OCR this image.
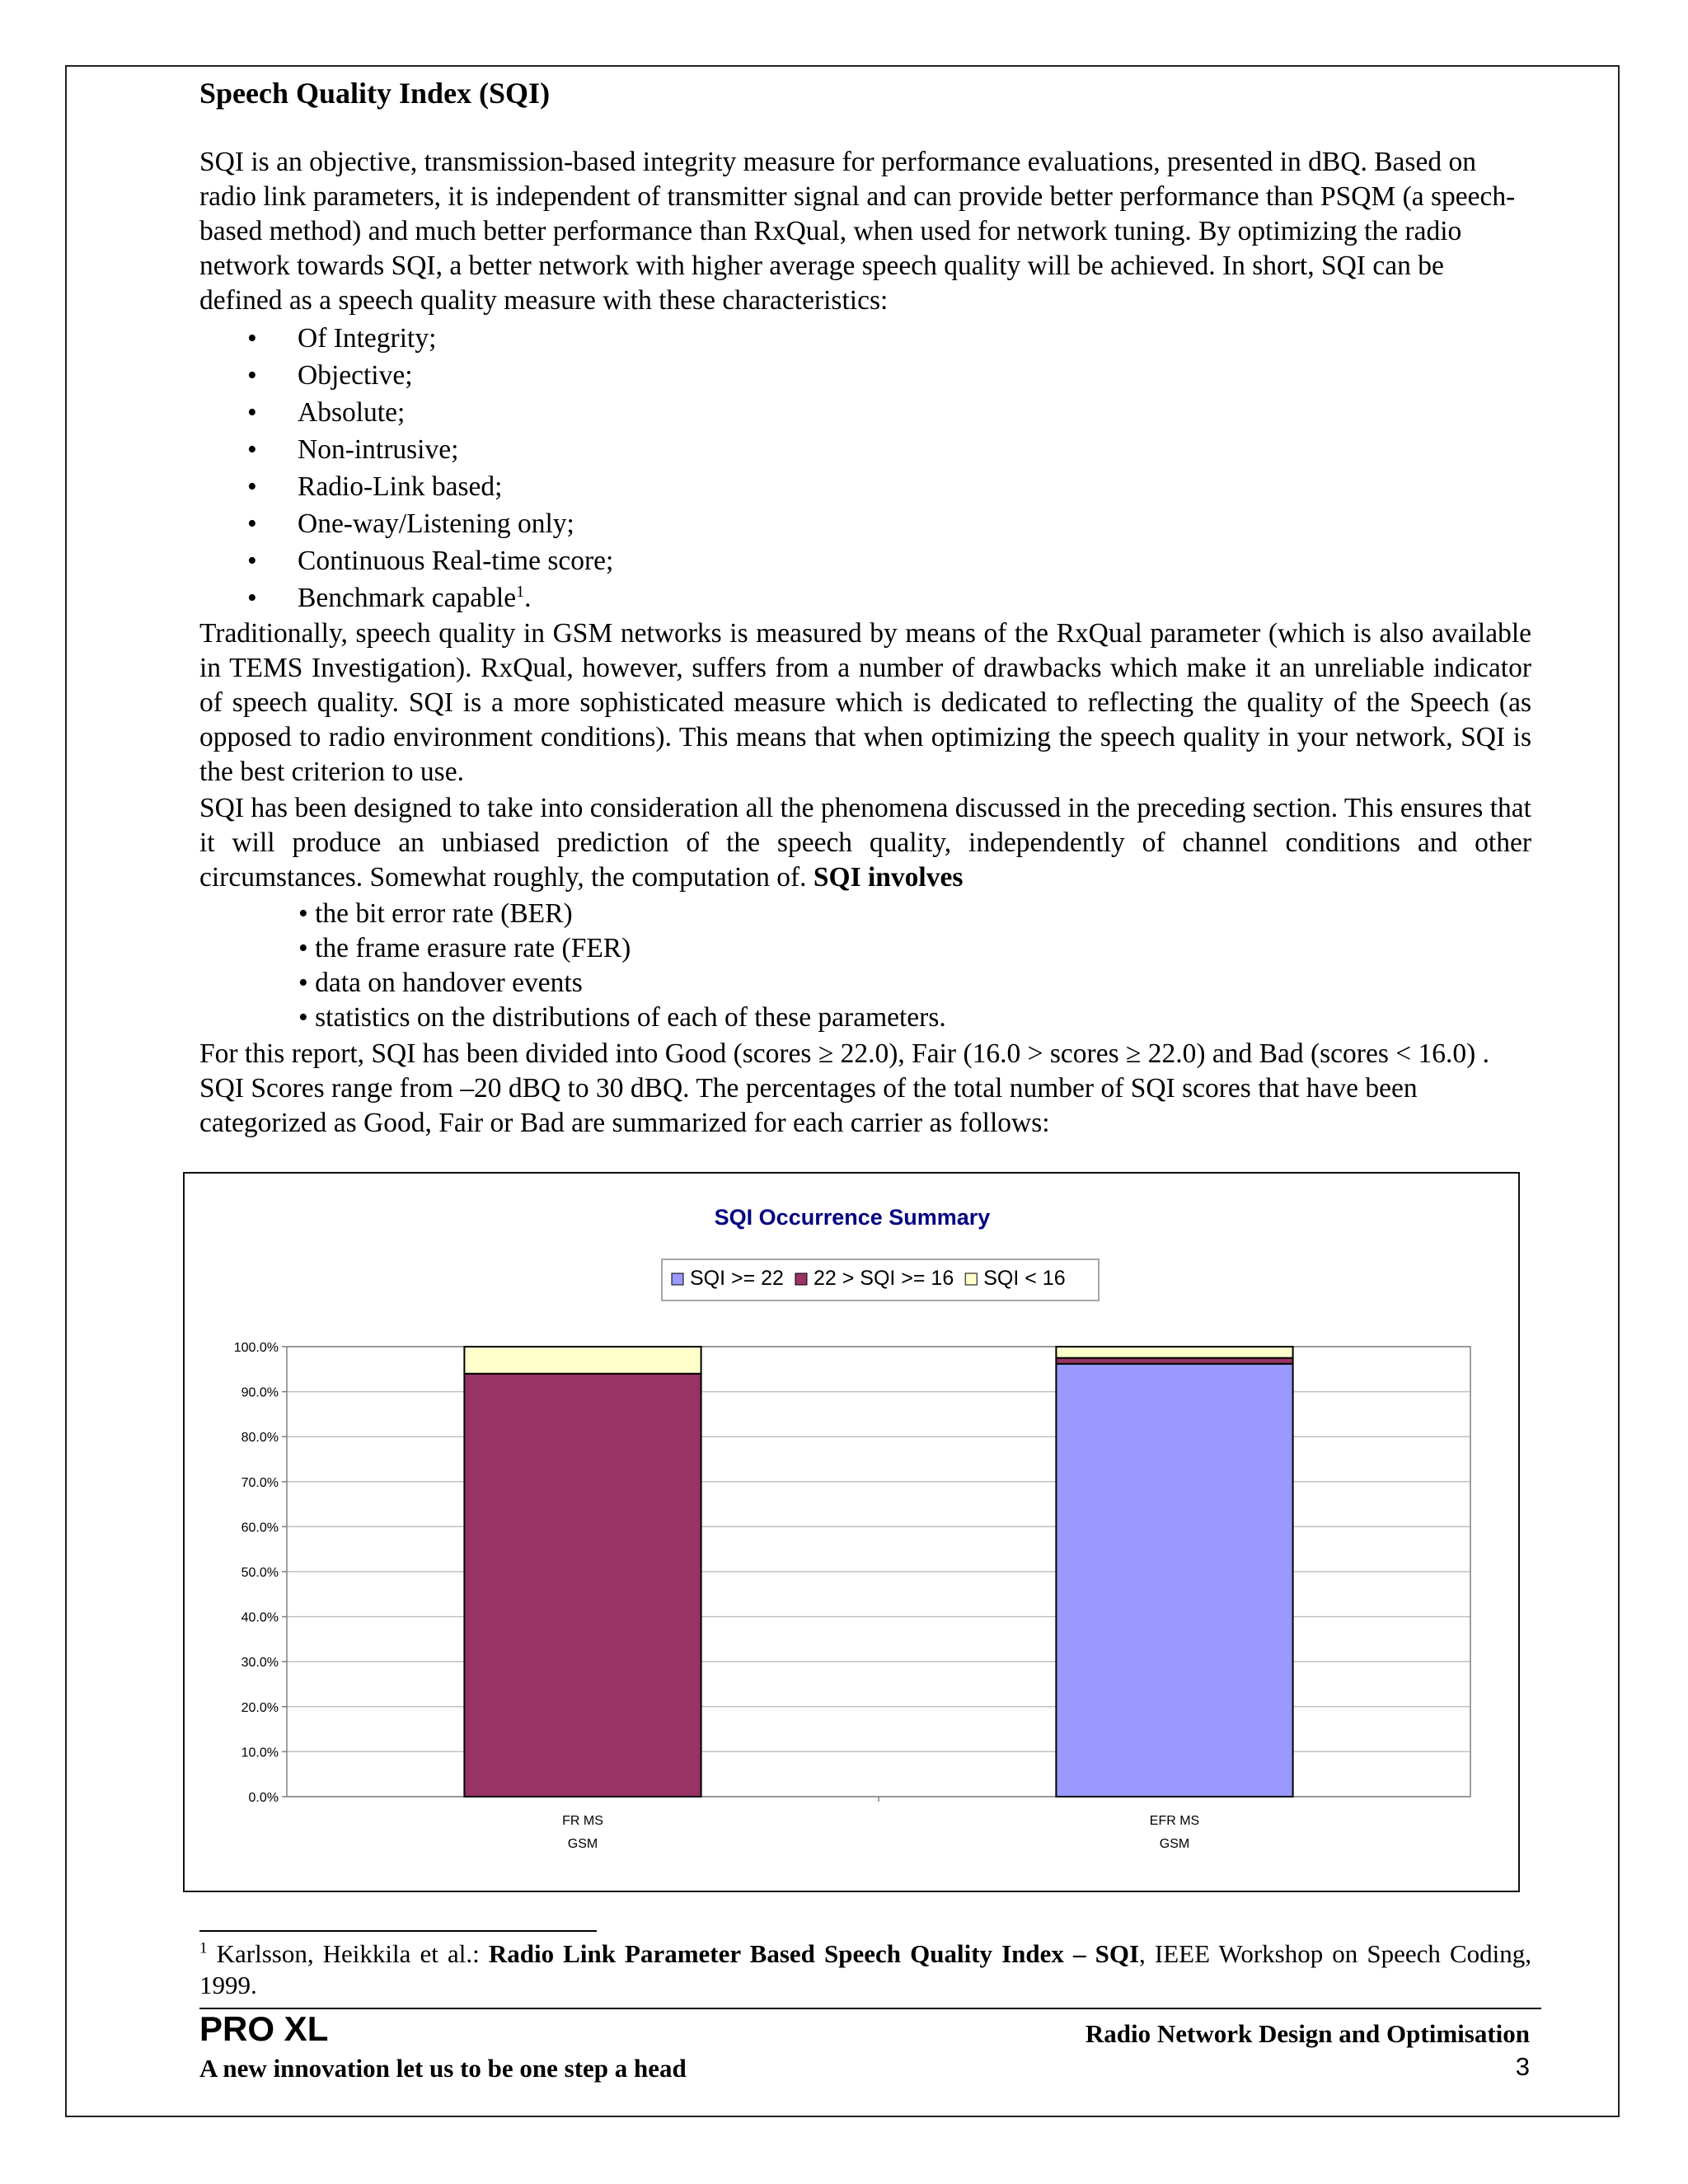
Speech Quality Index (SQI)
SQI is an objective, transmission-based integrity measure for performance evaluations, presented in dBQ. Based on radio link parameters, it is independent of transmitter signal and can provide better performance than PSQM (a speech-based method) and much better performance than RxQual, when used for network tuning. By optimizing the radio network towards SQI, a better network with higher average speech quality will be achieved. In short, SQI can be defined as a speech quality measure with these characteristics:
• Of Integrity;
• Objective;
• Absolute;
• Non-intrusive;
• Radio-Link based;
• One-way/Listening only;
• Continuous Real-time score;
• Benchmark capable$^1$.
Traditionally, speech quality in GSM networks is measured by means of the RxQual parameter (which is also available in TEMS Investigation). RxQual, however, suffers from a number of drawbacks which make it an unreliable indicator of speech quality. SQI is a more sophisticated measure which is dedicated to reflecting the quality of the Speech (as opposed to radio environment conditions). This means that when optimizing the speech quality in your network, SQI is the best criterion to use.
SQI has been designed to take into consideration all the phenomena discussed in the preceding section. This ensures that it will produce an unbiased prediction of the speech quality, independently of channel conditions and other circumstances. Somewhat roughly, the computation of. SQI involves
• the bit error rate (BER)
• the frame erasure rate (FER)
• data on handover events
• statistics on the distributions of each of these parameters.
For this report, SQI has been divided into Good (scores ≥ 22.0), Fair (16.0 > scores ≥ 22.0) and Bad (scores < 16.0) . SQI Scores range from –20 dBQ to 30 dBQ. The percentages of the total number of SQI scores that have been categorized as Good, Fair or Bad are summarized for each carrier as follows:
SQI Occurrence Summary
SQI >= 22 22 > SQI >= 16 SQI < 16
0.0%
10.0%
20.0%
30.0%
40.0%
50.0%
60.0%
70.0%
80.0%
90.0%
100.0%
FR MS
GSM
EFR MS
GSM
$^1$ Karlsson, Heikkila et al.: Radio Link Parameter Based Speech Quality Index – SQI, IEEE Workshop on Speech Coding, 1999.
PRO XL
A new innovation let us to be one step a head
Radio Network Design and Optimisation
3
